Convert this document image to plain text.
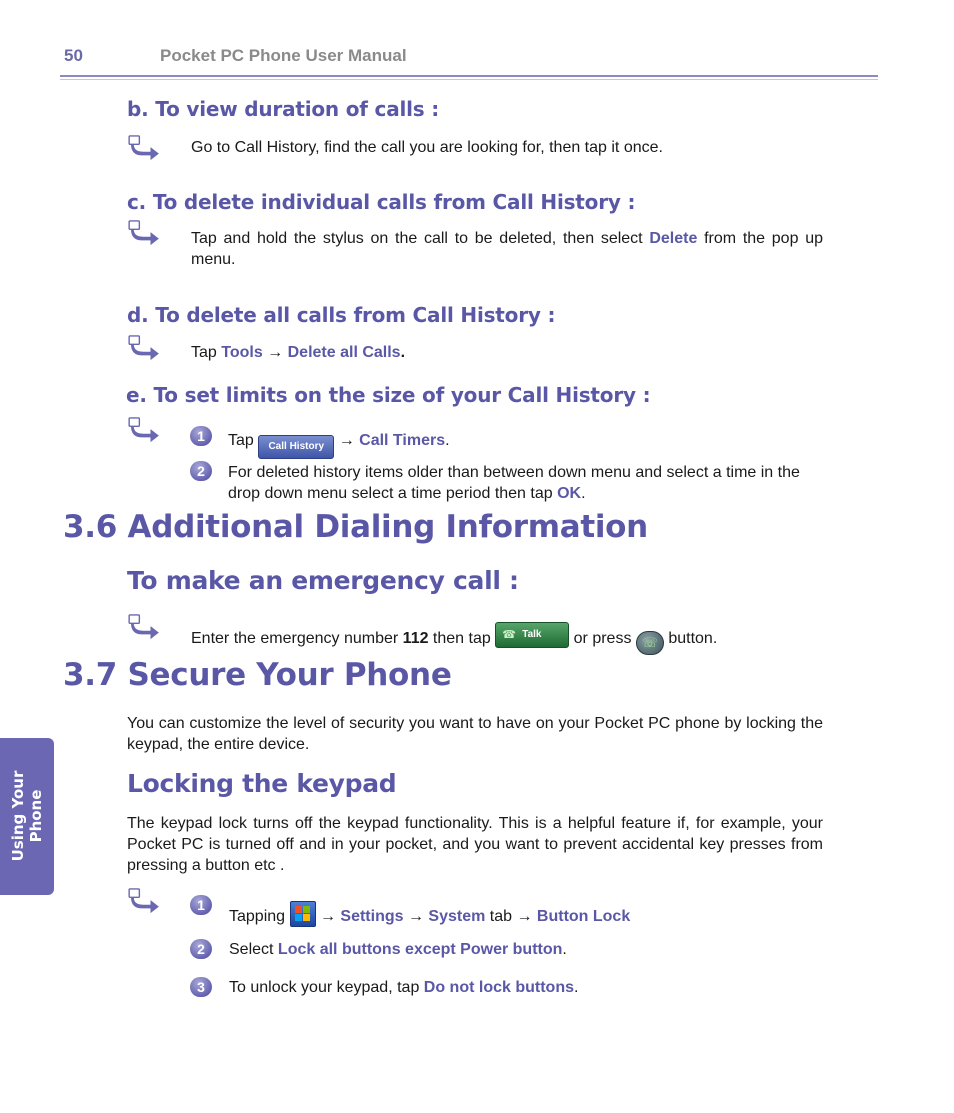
50	Pocket PC Phone User Manual
b. To view duration of calls :
Go to Call History, find the call you are looking for, then tap it once.
c. To delete individual calls from Call History :
Tap and hold the stylus on the call to be deleted, then select Delete from the pop up menu.
d. To delete all calls from Call History :
Tap Tools → Delete all Calls.
e. To set limits on the size of your Call History :
1	Tap Call History → Call Timers.
2	For deleted history items older than between down menu and select a time in the drop down menu select a time period then tap OK.
3.6 Additional Dialing Information
To make an emergency call :
Enter the emergency number 112 then tap ☎ Talk or press ☏ button.
3.7 Secure Your Phone
You can customize the level of security you want to have on your Pocket PC phone by locking the keypad, the entire device.
Locking the keypad
The keypad lock turns off the keypad functionality. This is a helpful feature if, for example, your Pocket PC is turned off and in your pocket, and you want to prevent accidental key presses from pressing a button etc .
1
Tapping
→ Settings → System tab → Button Lock
2	Select Lock all buttons except Power button.
3	To unlock your keypad, tap Do not lock buttons.
Using Your
Phone
